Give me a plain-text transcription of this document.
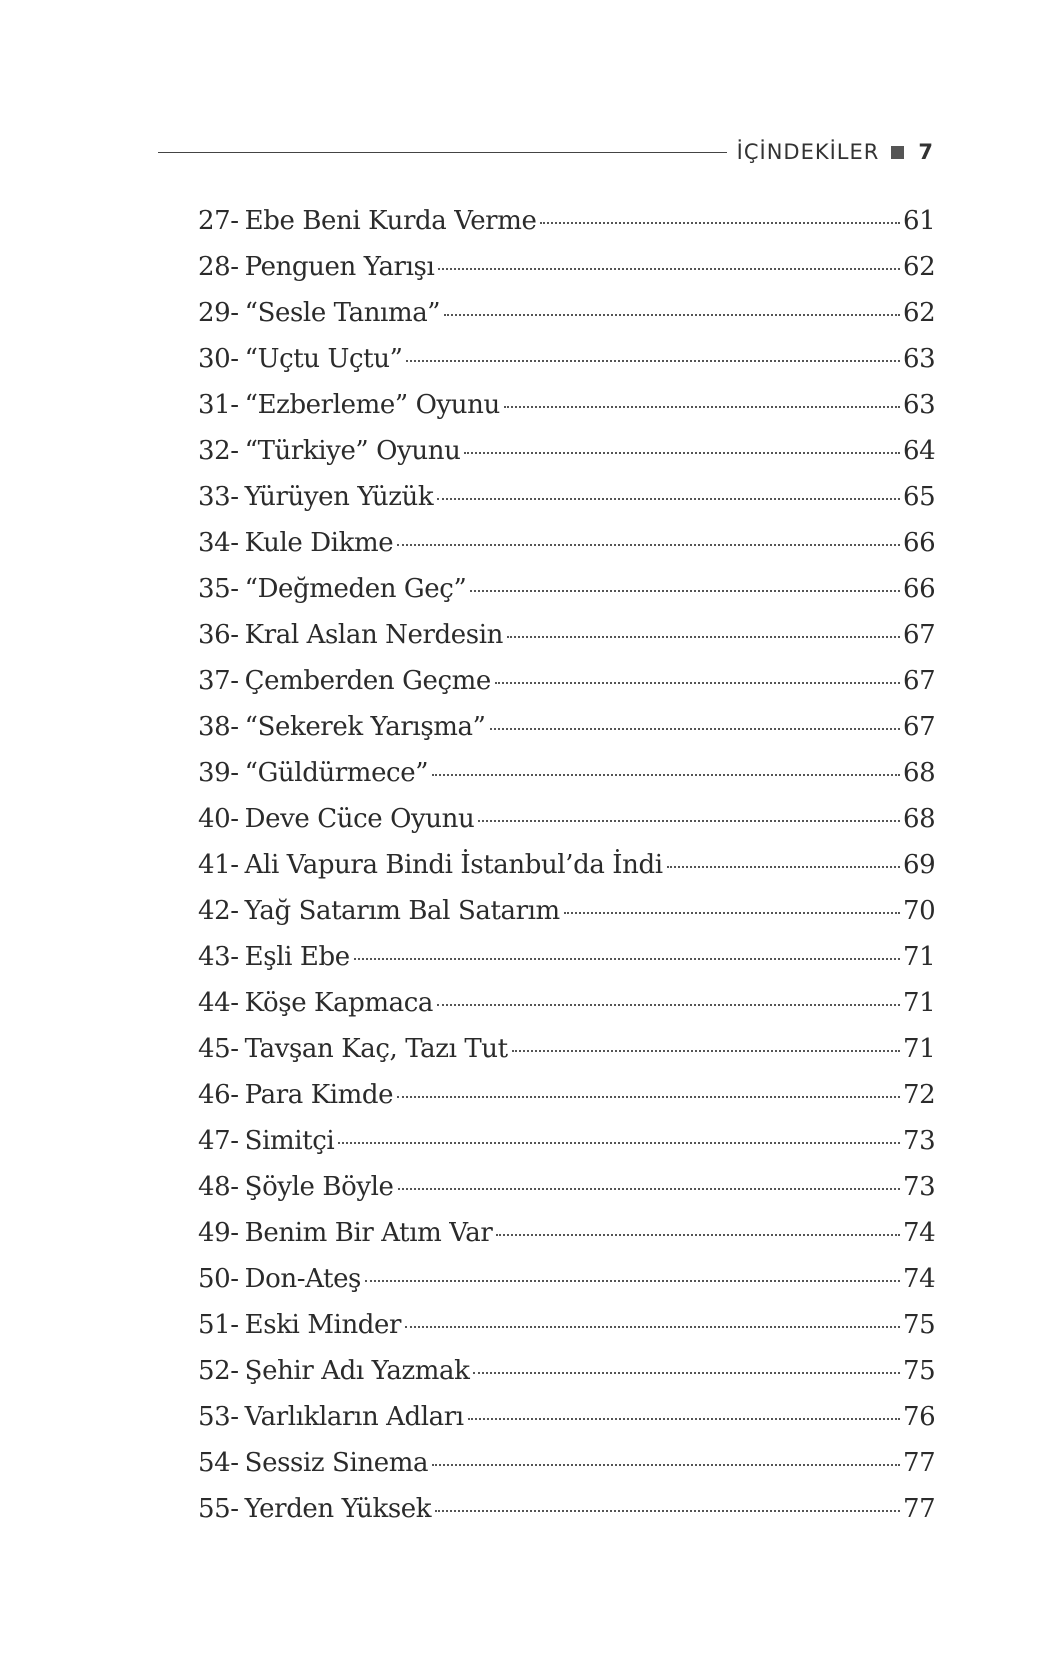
İÇİNDEKİLER 7
27- Ebe Beni Kurda Verme	61
28- Penguen Yarışı	62
29- “Sesle Tanıma”	62
30- “Uçtu Uçtu”	63
31- “Ezberleme” Oyunu	63
32- “Türkiye” Oyunu	64
33- Yürüyen Yüzük	65
34- Kule Dikme	66
35- “Değmeden Geç”	66
36- Kral Aslan Nerdesin	67
37- Çemberden Geçme	67
38- “Sekerek Yarışma”	67
39- “Güldürmece”	68
40- Deve Cüce Oyunu	68
41- Ali Vapura Bindi İstanbul’da İndi	69
42- Yağ Satarım Bal Satarım	70
43- Eşli Ebe	71
44- Köşe Kapmaca	71
45- Tavşan Kaç, Tazı Tut	71
46- Para Kimde	72
47- Simitçi	73
48- Şöyle Böyle	73
49- Benim Bir Atım Var	74
50- Don-Ateş	74
51- Eski Minder	75
52- Şehir Adı Yazmak	75
53- Varlıkların Adları	76
54- Sessiz Sinema	77
55- Yerden Yüksek	77
